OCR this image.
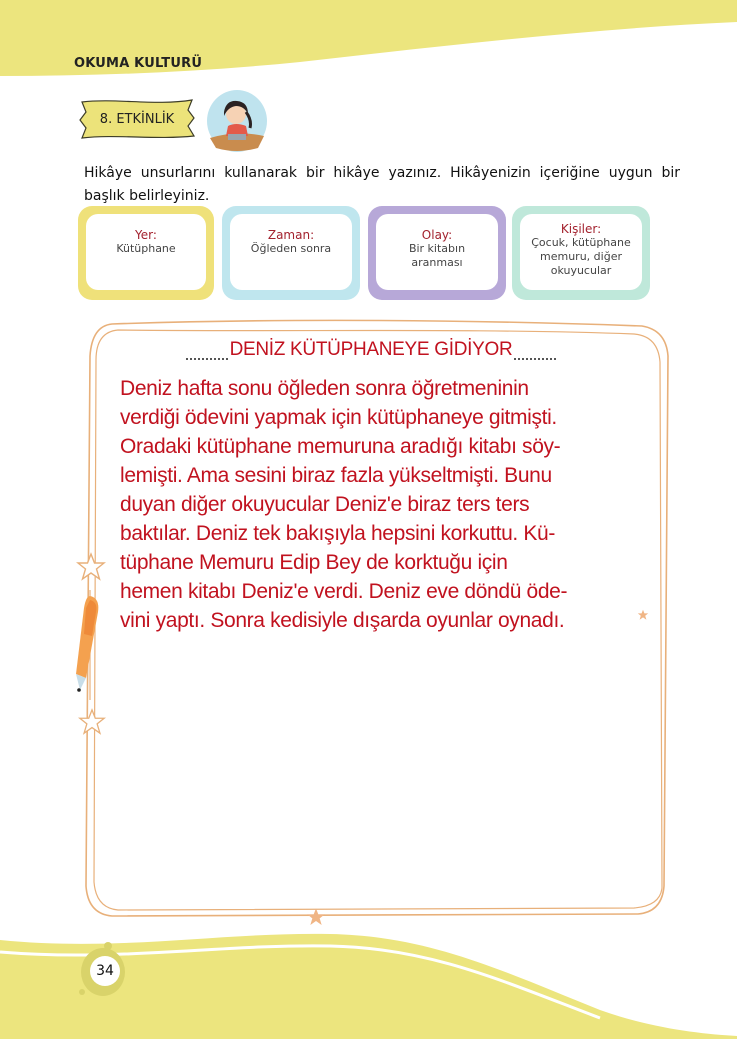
OKUMA KULTURÜ
8. ETKİNLİK
Hikâye unsurlarını kullanarak bir hikâye yazınız. Hikâyenizin içeriğine uygun bir başlık belirleyiniz.
Yer:
Kütüphane
Zaman:
Öğleden sonra
Olay:
Bir kitabın aranması
Kişiler:
Çocuk, kütüphane memuru, diğer okuyucular
DENİZ KÜTÜPHANEYE GİDİYOR
Deniz hafta sonu öğleden sonra öğretmeninin
verdiği ödevini yapmak için kütüphaneye gitmişti.
Oradaki kütüphane memuruna aradığı kitabı söy-
lemişti. Ama sesini biraz fazla yükseltmişti. Bunu
duyan diğer okuyucular Deniz'e biraz ters ters
baktılar. Deniz tek bakışıyla hepsini korkuttu. Kü-
tüphane Memuru Edip Bey de korktuğu için
hemen kitabı Deniz'e verdi. Deniz eve döndü öde-
vini yaptı. Sonra kedisiyle dışarda oyunlar oynadı.
34
